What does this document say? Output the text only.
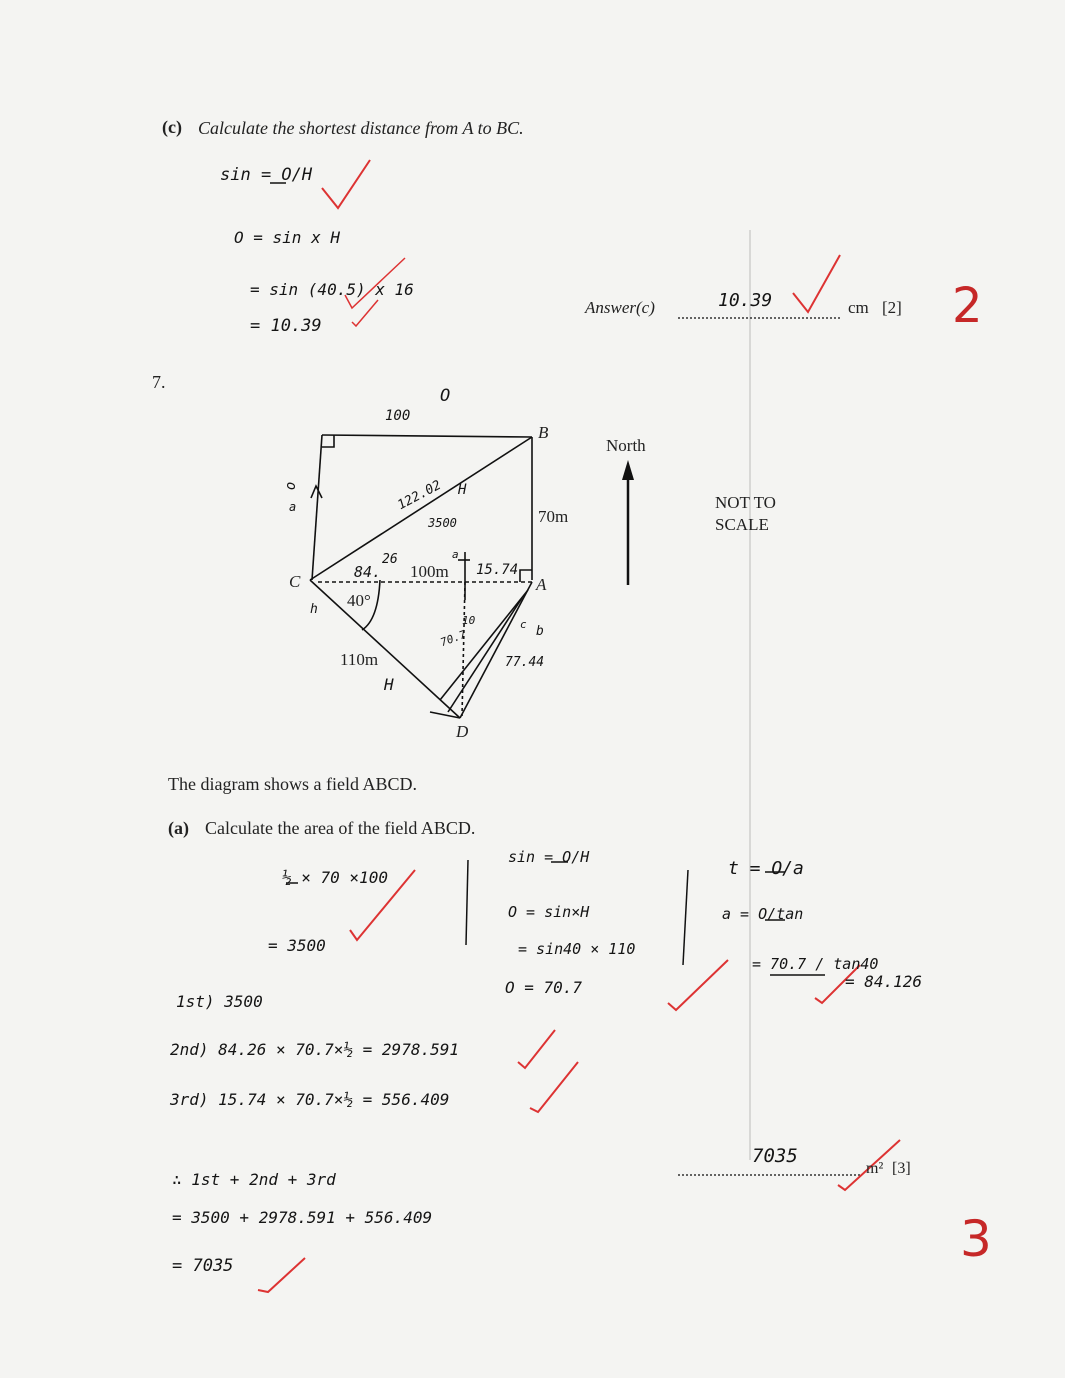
(c) Calculate the shortest distance from A to BC.
sin = O/H
O = sin x H
= sin (40.5) x 16
= 10.39
Answer(c)	10.39	cm [2] 2
7.
B
C	A
D
70m
100m
110m
40°
North
NOT TO
SCALE
100
O
122.02 H
3500
84.
26	a
15.74
70.7
77.44
H
o
a
h
c
10
b
The diagram shows a field ABCD.
(a) Calculate the area of the field ABCD.
½ × 70 ×100
= 3500
1st) 3500
2nd) 84.26 × 70.7×½ = 2978.591
3rd) 15.74 × 70.7×½ = 556.409
∴ 1st + 2nd + 3rd
= 3500 + 2978.591 + 556.409
= 7035
sin = O/H
O = sin×H
= sin40 × 110
O = 70.7
t = O/a
a = O/tan
= 70.7 / tan40
= 84.126
7035
m² [3]
3
